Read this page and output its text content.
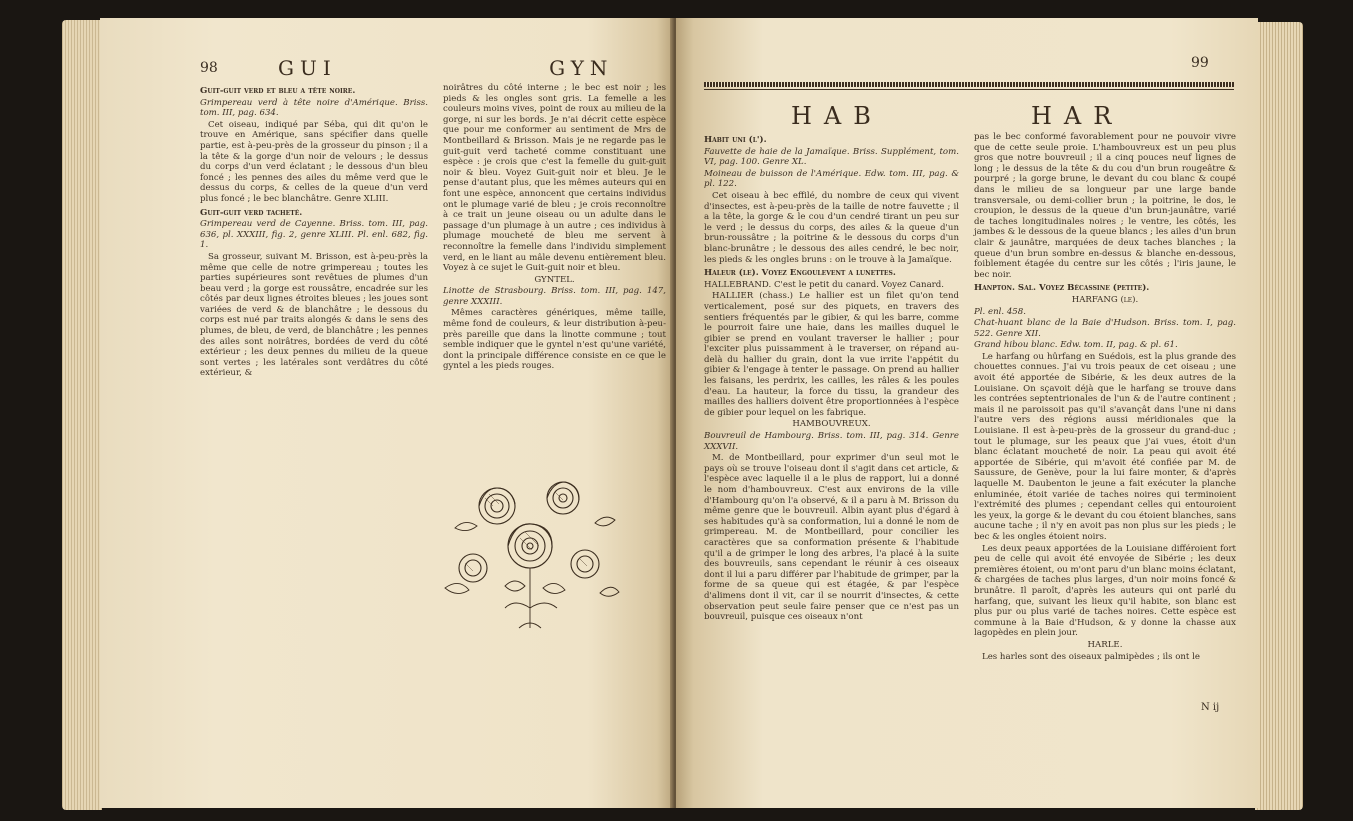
98	GUI GYN

Guit-guit verd et bleu a tête noire.

Grimpereau verd à tête noire d'Amérique. Briss. tom. III, pag. 634.

Cet oiseau, indiqué par Séba, qui dit qu'on le trouve en Amérique, sans spécifier dans quelle partie, est à-peu-près de la grosseur du pinson ; il a la tête & la gorge d'un noir de velours ; le dessus du corps d'un verd éclatant ; le dessous d'un bleu foncé ; les pennes des ailes du même verd que le dessus du corps, & celles de la queue d'un verd plus foncé ; le bec blanchâtre. Genre XLIII.

Guit-guit verd tacheté.

Grimpereau verd de Cayenne. Briss. tom. III, pag. 636, pl. XXXIII, fig. 2, genre XLIII. Pl. enl. 682, fig. 1.

Sa grosseur, suivant M. Brisson, est à-peu-près la même que celle de notre grimpereau ; toutes les parties supérieures sont revêtues de plumes d'un beau verd ; la gorge est roussâtre, encadrée sur les côtés par deux lignes étroites bleues ; les joues sont variées de verd & de blanchâtre ; le dessous du corps est nué par traits alongés & dans le sens des plumes, de bleu, de verd, de blanchâtre ; les pennes des ailes sont noirâtres, bordées de verd du côté extérieur ; les deux pennes du milieu de la queue sont vertes ; les latérales sont verdâtres du côté extérieur, &

noirâtres du côté interne ; le bec est noir ; les pieds & les ongles sont gris. La femelle a les couleurs moins vives, point de roux au milieu de la gorge, ni sur les bords. Je n'ai décrit cette espèce que pour me conformer au sentiment de Mrs de Montbeillard & Brisson. Mais je ne regarde pas le guit-guit verd tacheté comme constituant une espèce : je crois que c'est la femelle du guit-guit noir & bleu. Voyez Guit-guit noir et bleu. Je le pense d'autant plus, que les mêmes auteurs qui en font une espèce, annoncent que certains individus ont le plumage varié de bleu ; je crois reconnoître à ce trait un jeune oiseau ou un adulte dans le passage d'un plumage à un autre ; ces individus à plumage moucheté de bleu me servent à reconnoître la femelle dans l'individu simplement verd, en le liant au mâle devenu entièrement bleu. Voyez à ce sujet le Guit-guit noir et bleu.

GYNTEL.

Linotte de Strasbourg. Briss. tom. III, pag. 147, genre XXXIII.

Mêmes caractères génériques, même taille, même fond de couleurs, & leur distribution à-peu-près pareille que dans la linotte commune ; tout semble indiquer que le gyntel n'est qu'une variété, dont la principale différence consiste en ce que le gyntel a les pieds rouges.

99
HAB	HAR

Habit uni (l').

Fauvette de haie de la Jamaïque. Briss. Supplément, tom. VI, pag. 100. Genre XL.

Moineau de buisson de l'Amérique. Edw. tom. III, pag. & pl. 122.

Cet oiseau à bec effilé, du nombre de ceux qui vivent d'insectes, est à-peu-près de la taille de notre fauvette ; il a la tête, la gorge & le cou d'un cendré tirant un peu sur le verd ; le dessus du corps, des ailes & la queue d'un brun-roussâtre ; la poitrine & le dessous du corps d'un blanc-brunâtre ; le dessous des ailes cendré, le bec noir, les pieds & les ongles bruns : on le trouve à la Jamaïque.

Haleur (le). Voyez Engoulevent a lunettes.

HALLEBRAND. C'est le petit du canard. Voyez Canard.

HALLIER (chass.) Le hallier est un filet qu'on tend verticalement, posé sur des piquets, en travers des sentiers fréquentés par le gibier, & qui les barre, comme le pourroit faire une haie, dans les mailles duquel le gibier se prend en voulant traverser le hallier ; pour l'exciter plus puissamment à le traverser, on répand au-delà du hallier du grain, dont la vue irrite l'appétit du gibier & l'engage à tenter le passage. On prend au hallier les faisans, les perdrix, les cailles, les râles & les poules d'eau. La hauteur, la force du tissu, la grandeur des mailles des halliers doivent être proportionnées à l'espèce de gibier pour lequel on les fabrique.

HAMBOUVREUX.

Bouvreuil de Hambourg. Briss. tom. III, pag. 314. Genre XXXVII.

M. de Montbeillard, pour exprimer d'un seul mot le pays où se trouve l'oiseau dont il s'agit dans cet article, & l'espèce avec laquelle il a le plus de rapport, lui a donné le nom d'hambouvreux. C'est aux environs de la ville d'Hambourg qu'on l'a observé, & il a paru à M. Brisson du même genre que le bouvreuil. Albin ayant plus d'égard à ses habitudes qu'à sa conformation, lui a donné le nom de grimpereau. M. de Montbeillard, pour concilier les caractères que sa conformation présente & l'habitude qu'il a de grimper le long des arbres, l'a placé à la suite des bouvreuils, sans cependant le réunir à ces oiseaux dont il lui a paru différer par l'habitude de grimper, par la forme de sa queue qui est étagée, & par l'espèce d'alimens dont il vit, car il se nourrit d'insectes, & cette observation peut seule faire penser que ce n'est pas un bouvreuil, puisque ces oiseaux n'ont

pas le bec conformé favorablement pour ne pouvoir vivre que de cette seule proie. L'hambouvreux est un peu plus gros que notre bouvreuil ; il a cinq pouces neuf lignes de long ; le dessus de la tête & du cou d'un brun rougeâtre & pourpré ; la gorge brune, le devant du cou blanc & coupé dans le milieu de sa longueur par une large bande transversale, ou demi-collier brun ; la poitrine, le dos, le croupion, le dessus de la queue d'un brun-jaunâtre, varié de taches longitudinales noires ; le ventre, les côtés, les jambes & le dessous de la queue blancs ; les ailes d'un brun clair & jaunâtre, marquées de deux taches blanches ; la queue d'un brun sombre en-dessus & blanche en-dessous, foiblement étagée du centre sur les côtés ; l'iris jaune, le bec noir.

Hanpton. Sal. Voyez Bécassine (petite).

HARFANG (le).

Pl. enl. 458.

Chat-huant blanc de la Baie d'Hudson. Briss. tom. I, pag. 522. Genre XII.

Grand hibou blanc. Edw. tom. II, pag. & pl. 61.

Le harfang ou hûrfang en Suédois, est la plus grande des chouettes connues. J'ai vu trois peaux de cet oiseau ; une avoit été apportée de Sibérie, & les deux autres de la Louisiane. On sçavoit déjà que le harfang se trouve dans les contrées septentrionales de l'un & de l'autre continent ; mais il ne paroissoit pas qu'il s'avançât dans l'une ni dans l'autre vers des régions aussi méridionales que la Louisiane. Il est à-peu-près de la grosseur du grand-duc ; tout le plumage, sur les peaux que j'ai vues, étoit d'un blanc éclatant moucheté de noir. La peau qui avoit été apportée de Sibérie, qui m'avoit été confiée par M. de Saussure, de Genève, pour la lui faire monter, & d'après laquelle M. Daubenton le jeune a fait exécuter la planche enluminée, étoit variée de taches noires qui terminoient l'extrémité des plumes ; cependant celles qui entouroient les yeux, la gorge & le devant du cou étoient blanches, sans aucune tache ; il n'y en avoit pas non plus sur les pieds ; le bec & les ongles étoient noirs.

Les deux peaux apportées de la Louisiane différoient fort peu de celle qui avoit été envoyée de Sibérie ; les deux premières étoient, ou m'ont paru d'un blanc moins éclatant, & chargées de taches plus larges, d'un noir moins foncé & brunâtre. Il paroît, d'après les auteurs qui ont parlé du harfang, que, suivant les lieux qu'il habite, son blanc est plus pur ou plus varié de taches noires. Cette espèce est commune à la Baie d'Hudson, & y donne la chasse aux lagopèdes en plein jour.

HARLE.

Les harles sont des oiseaux palmipèdes ; ils ont le

N ij
